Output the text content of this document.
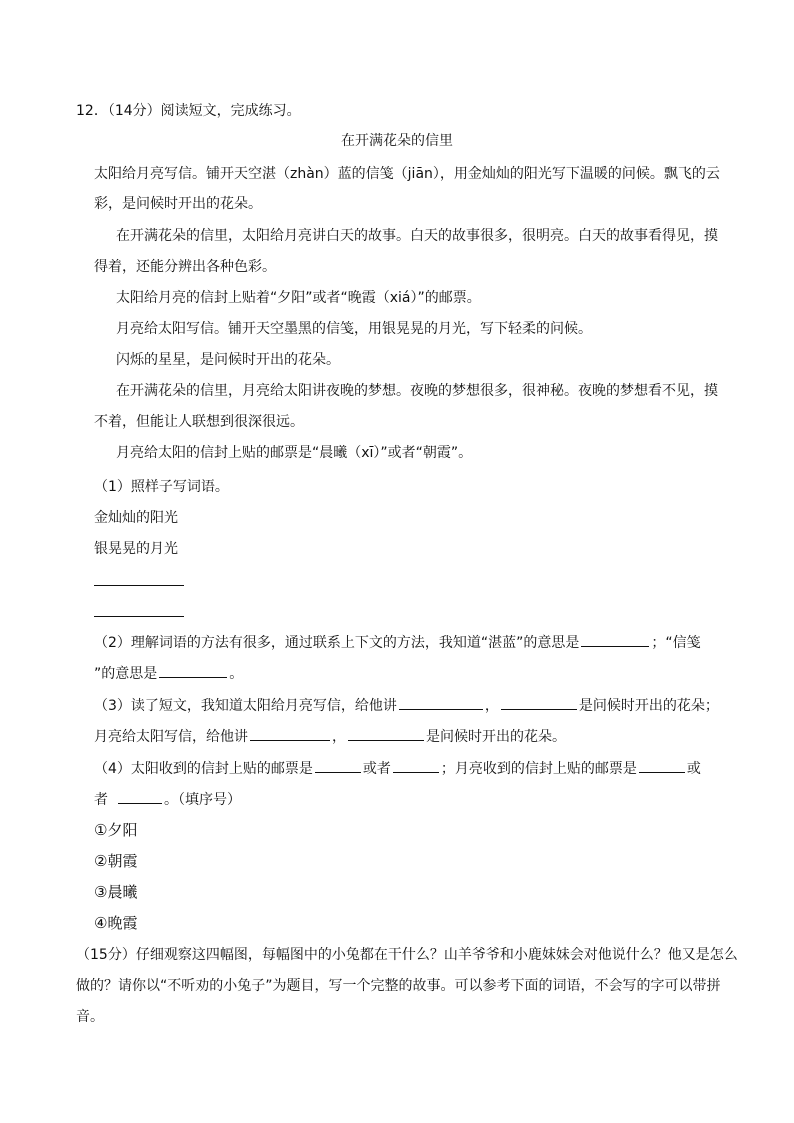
12．（14分）阅读短文，完成练习。
在开满花朵的信里
太阳给月亮写信。铺开天空湛（zhàn）蓝的信笺（jiān），用金灿灿的阳光写下温暖的问候。飘飞的云
彩，是问候时开出的花朵。
在开满花朵的信里，太阳给月亮讲白天的故事。白天的故事很多，很明亮。白天的故事看得见，摸
得着，还能分辨出各种色彩。
太阳给月亮的信封上贴着“夕阳”或者“晚霞（xiá）”的邮票。
月亮给太阳写信。铺开天空墨黑的信笺，用银晃晃的月光，写下轻柔的问候。
闪烁的星星，是问候时开出的花朵。
在开满花朵的信里，月亮给太阳讲夜晚的梦想。夜晚的梦想很多，很神秘。夜晚的梦想看不见，摸
不着，但能让人联想到很深很远。
月亮给太阳的信封上贴的邮票是“晨曦（xī）”或者“朝霞”。
（1）照样子写词语。
金灿灿的阳光
银晃晃的月光
（2）理解词语的方法有很多，通过联系上下文的方法，我知道“湛蓝”的意思是	；“信笺
”的意思是	。
（3）读了短文，我知道太阳给月亮写信，给他讲	，	是问候时开出的花朵；
月亮给太阳写信，给他讲	，	是问候时开出的花朵。
（4）太阳收到的信封上贴的邮票是	或者	；月亮收到的信封上贴的邮票是	或
者	。（填序号）
①夕阳
②朝霞
③晨曦
④晚霞
（15分）仔细观察这四幅图，每幅图中的小兔都在干什么？山羊爷爷和小鹿妹妹会对他说什么？他又是怎么
做的？请你以“不听劝的小兔子”为题目，写一个完整的故事。可以参考下面的词语，不会写的字可以带拼
音。
